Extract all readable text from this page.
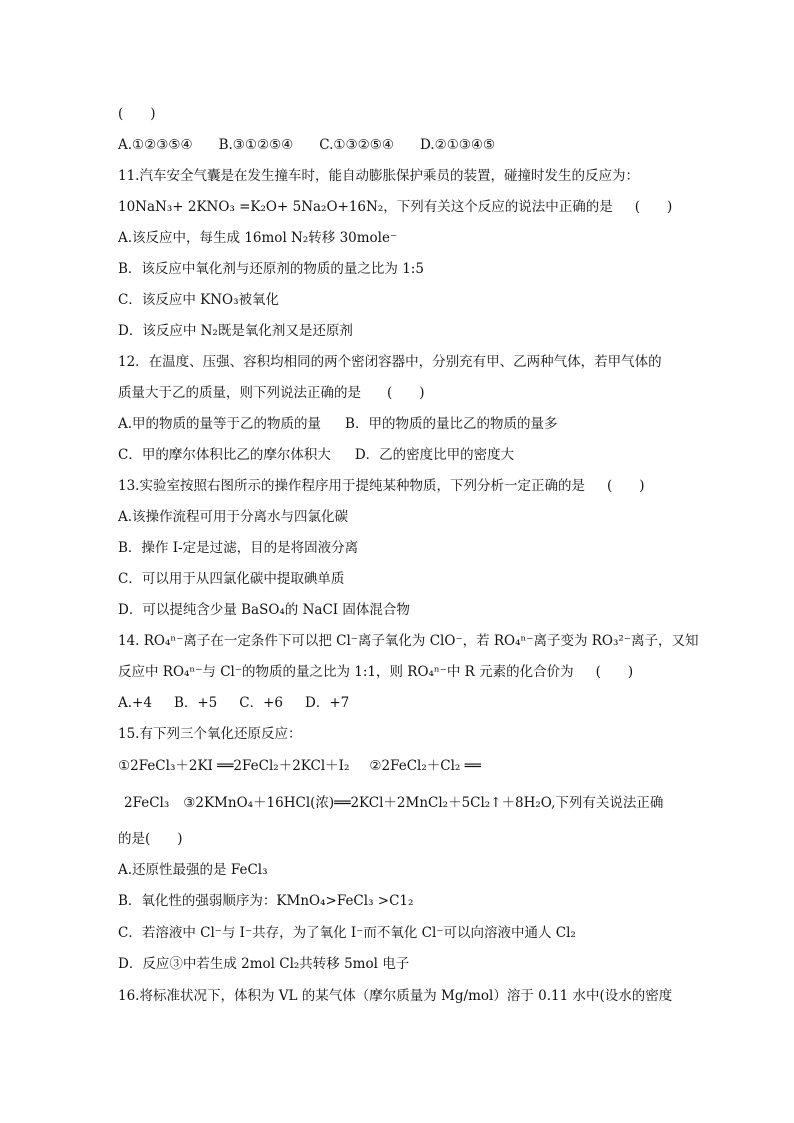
(　　)
A.①②③⑤④ B.③①②⑤④ C.①③②⑤④ D.②①③④⑤
11.汽车安全气囊是在发生撞车时，能自动膨胀保护乘员的装置，碰撞时发生的反应为：
10NaN₃+ 2KNO₃ =K₂O+ 5Na₂O+16N₂，下列有关这个反应的说法中正确的是 (　　)
A.该反应中，每生成 16mol N₂转移 30mole⁻
B．该反应中氧化剂与还原剂的物质的量之比为 1:5
C．该反应中 KNO₃被氧化
D．该反应中 N₂既是氧化剂又是还原剂
12．在温度、压强、容积均相同的两个密闭容器中，分别充有甲、乙两种气体，若甲气体的
质量大于乙的质量，则下列说法正确的是 (　　)
A.甲的物质的量等于乙的物质的量 B．甲的物质的量比乙的物质的量多
C．甲的摩尔体积比乙的摩尔体积大 D．乙的密度比甲的密度大
13.实验室按照右图所示的操作程序用于提纯某种物质，下列分析一定正确的是 (　　)
A.该操作流程可用于分离水与四氯化碳
B．操作 I-定是过滤，目的是将固液分离
C．可以用于从四氯化碳中提取碘单质
D．可以提纯含少量 BaSO₄的 NaCI 固体混合物
14. RO₄ⁿ⁻离子在一定条件下可以把 Cl⁻离子氧化为 ClO⁻，若 RO₄ⁿ⁻离子变为 RO₃²⁻离子，又知
反应中 RO₄ⁿ⁻与 Cl⁻的物质的量之比为 1:1，则 RO₄ⁿ⁻中 R 元素的化合价为 (　　)
A.+4 B．+5 C．+6 D．+7
15.有下列三个氧化还原反应：
①2FeCl₃＋2KI ══2FeCl₂＋2KCl＋I₂ ②2FeCl₂＋Cl₂ ══
2FeCl₃ ③2KMnO₄＋16HCl(浓)══2KCl＋2MnCl₂＋5Cl₂↑＋8H₂O,下列有关说法正确
的是(　　)
A.还原性最强的是 FeCl₃
B．氧化性的强弱顺序为：KMnO₄>FeCl₃ >C1₂
C．若溶液中 Cl⁻与 I⁻共存，为了氧化 I⁻而不氧化 Cl⁻可以向溶液中通人 Cl₂
D．反应③中若生成 2mol Cl₂共转移 5mol 电子
16.将标准状况下，体积为 VL 的某气体（摩尔质量为 Mg/mol）溶于 0.11 水中(设水的密度
